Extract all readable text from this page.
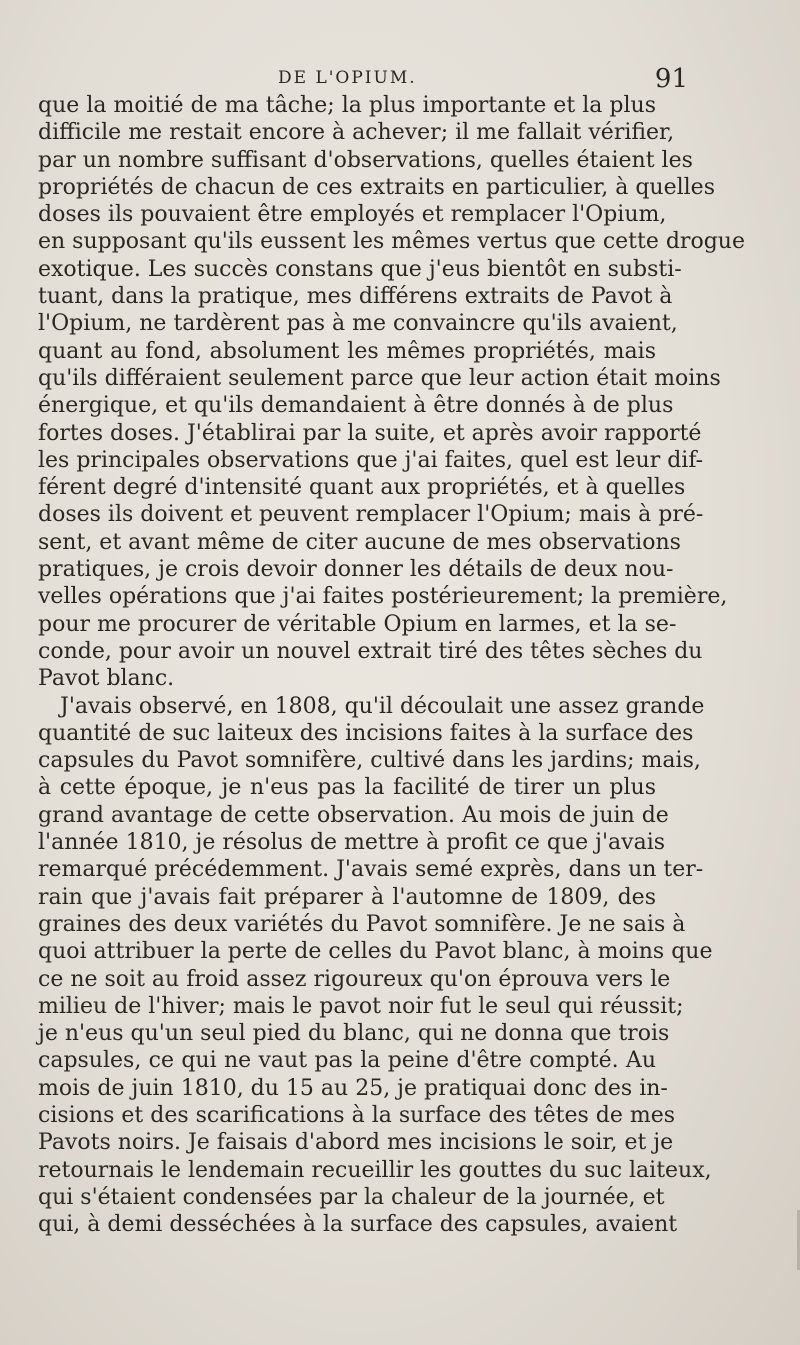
DE L'OPIUM.	91
que la moitié de ma tâche; la plus importante et la plus
difficile me restait encore à achever; il me fallait vérifier,
par un nombre suffisant d'observations, quelles étaient les
propriétés de chacun de ces extraits en particulier, à quelles
doses ils pouvaient être employés et remplacer l'Opium,
en supposant qu'ils eussent les mêmes vertus que cette drogue
exotique. Les succès constans que j'eus bientôt en substi-
tuant, dans la pratique, mes différens extraits de Pavot à
l'Opium, ne tardèrent pas à me convaincre qu'ils avaient,
quant au fond, absolument les mêmes propriétés, mais
qu'ils différaient seulement parce que leur action était moins
énergique, et qu'ils demandaient à être donnés à de plus
fortes doses. J'établirai par la suite, et après avoir rapporté
les principales observations que j'ai faites, quel est leur dif-
férent degré d'intensité quant aux propriétés, et à quelles
doses ils doivent et peuvent remplacer l'Opium; mais à pré-
sent, et avant même de citer aucune de mes observations
pratiques, je crois devoir donner les détails de deux nou-
velles opérations que j'ai faites postérieurement; la première,
pour me procurer de véritable Opium en larmes, et la se-
conde, pour avoir un nouvel extrait tiré des têtes sèches du
Pavot blanc.
J'avais observé, en 1808, qu'il découlait une assez grande
quantité de suc laiteux des incisions faites à la surface des
capsules du Pavot somnifère, cultivé dans les jardins; mais,
à cette époque, je n'eus pas la facilité de tirer un plus
grand avantage de cette observation. Au mois de juin de
l'année 1810, je résolus de mettre à profit ce que j'avais
remarqué précédemment. J'avais semé exprès, dans un ter-
rain que j'avais fait préparer à l'automne de 1809, des
graines des deux variétés du Pavot somnifère. Je ne sais à
quoi attribuer la perte de celles du Pavot blanc, à moins que
ce ne soit au froid assez rigoureux qu'on éprouva vers le
milieu de l'hiver; mais le pavot noir fut le seul qui réussit;
je n'eus qu'un seul pied du blanc, qui ne donna que trois
capsules, ce qui ne vaut pas la peine d'être compté. Au
mois de juin 1810, du 15 au 25, je pratiquai donc des in-
cisions et des scarifications à la surface des têtes de mes
Pavots noirs. Je faisais d'abord mes incisions le soir, et je
retournais le lendemain recueillir les gouttes du suc laiteux,
qui s'étaient condensées par la chaleur de la journée, et
qui, à demi desséchées à la surface des capsules, avaient
